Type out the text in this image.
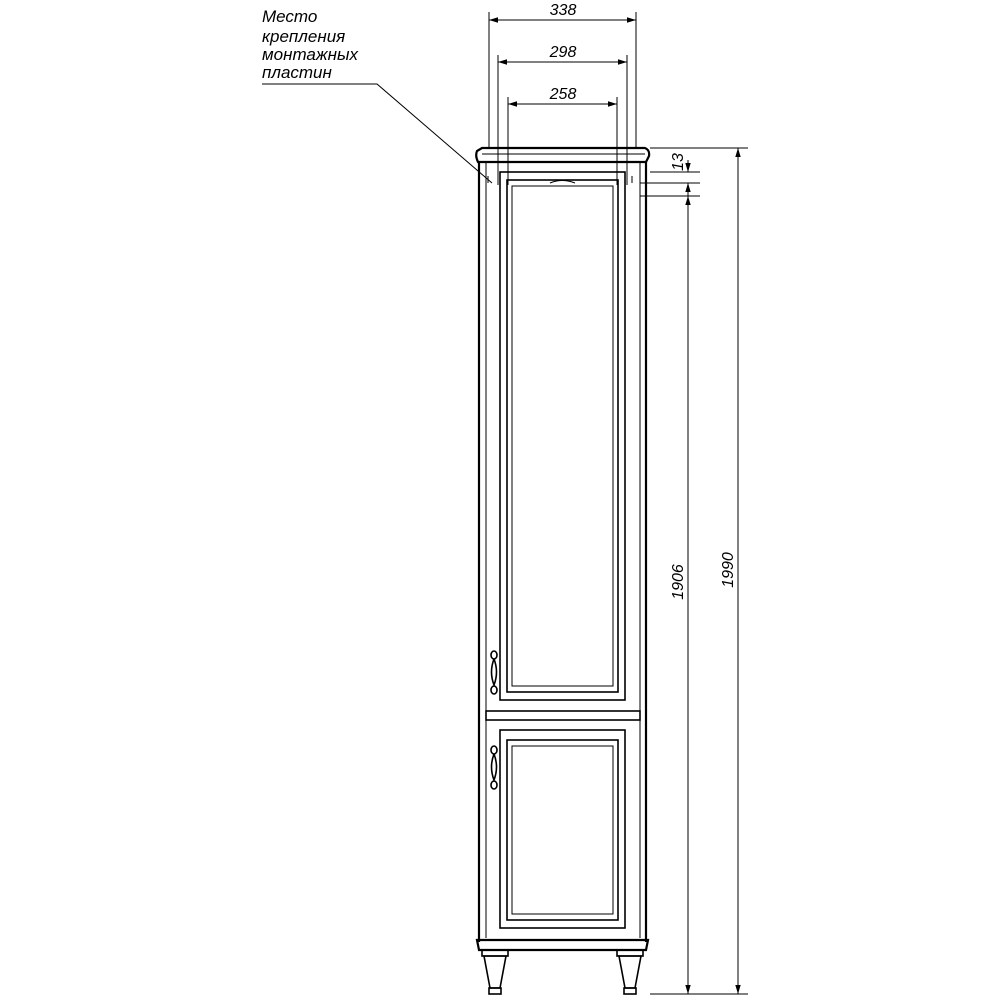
Место
крепления
монтажных
пластин
338
298
258
13
1906 1990
